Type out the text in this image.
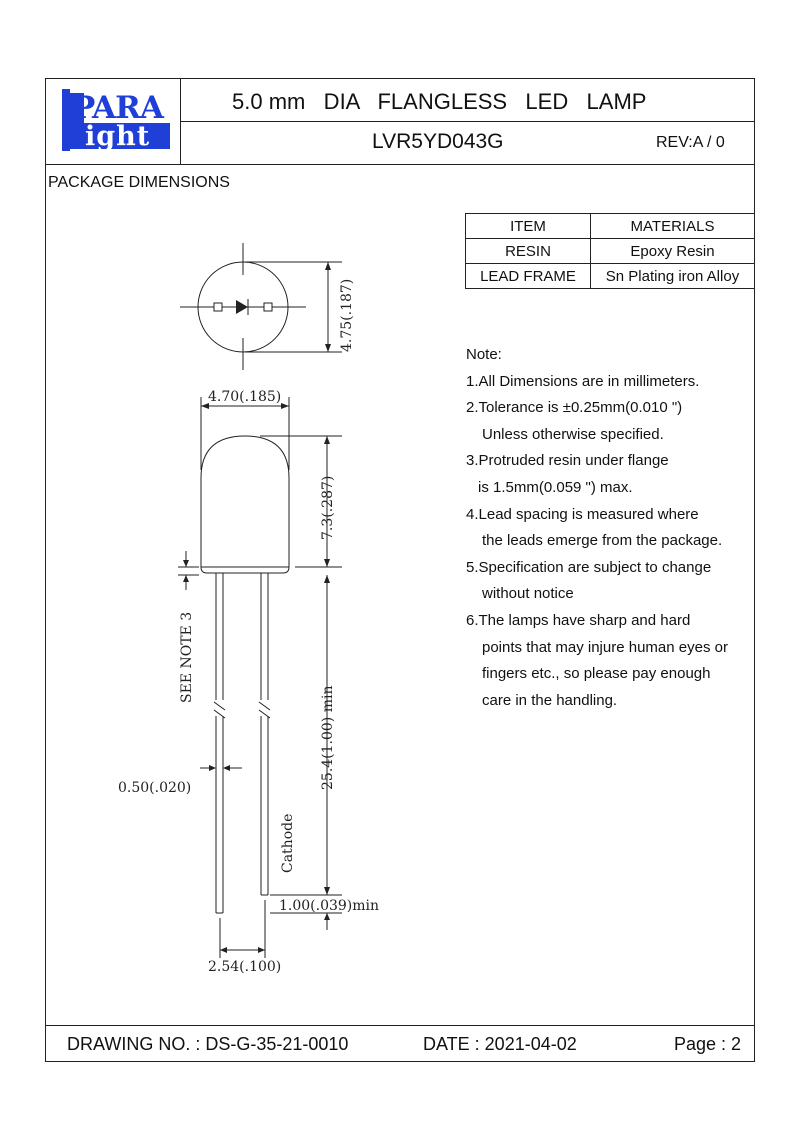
PARA
ight
5.0 mm   DIA   FLANGLESS   LED   LAMP
LVR5YD043G	REV:A / 0
PACKAGE DIMENSIONS
ITEM	MATERIALS
RESIN	Epoxy Resin
LEAD FRAME	Sn Plating iron Alloy
Note:
1.All Dimensions are in millimeters.
2.Tolerance is ±0.25mm(0.010 ")
Unless otherwise specified.
3.Protruded resin under flange
is 1.5mm(0.059 ") max.
4.Lead spacing is measured where
the leads emerge from the package.
5.Specification are subject to change
without notice
6.The lamps have sharp and hard
points that may injure human eyes or
fingers etc., so please pay enough
care in the handling.
4.75(.187)
4.70(.185)
7.3(.287)
SEE NOTE 3
25.4(1.00) min
0.50(.020)
Cathode
1.00(.039)min
2.54(.100)
DRAWING NO. : DS-G-35-21-0010	DATE : 2021-04-02	Page : 2
